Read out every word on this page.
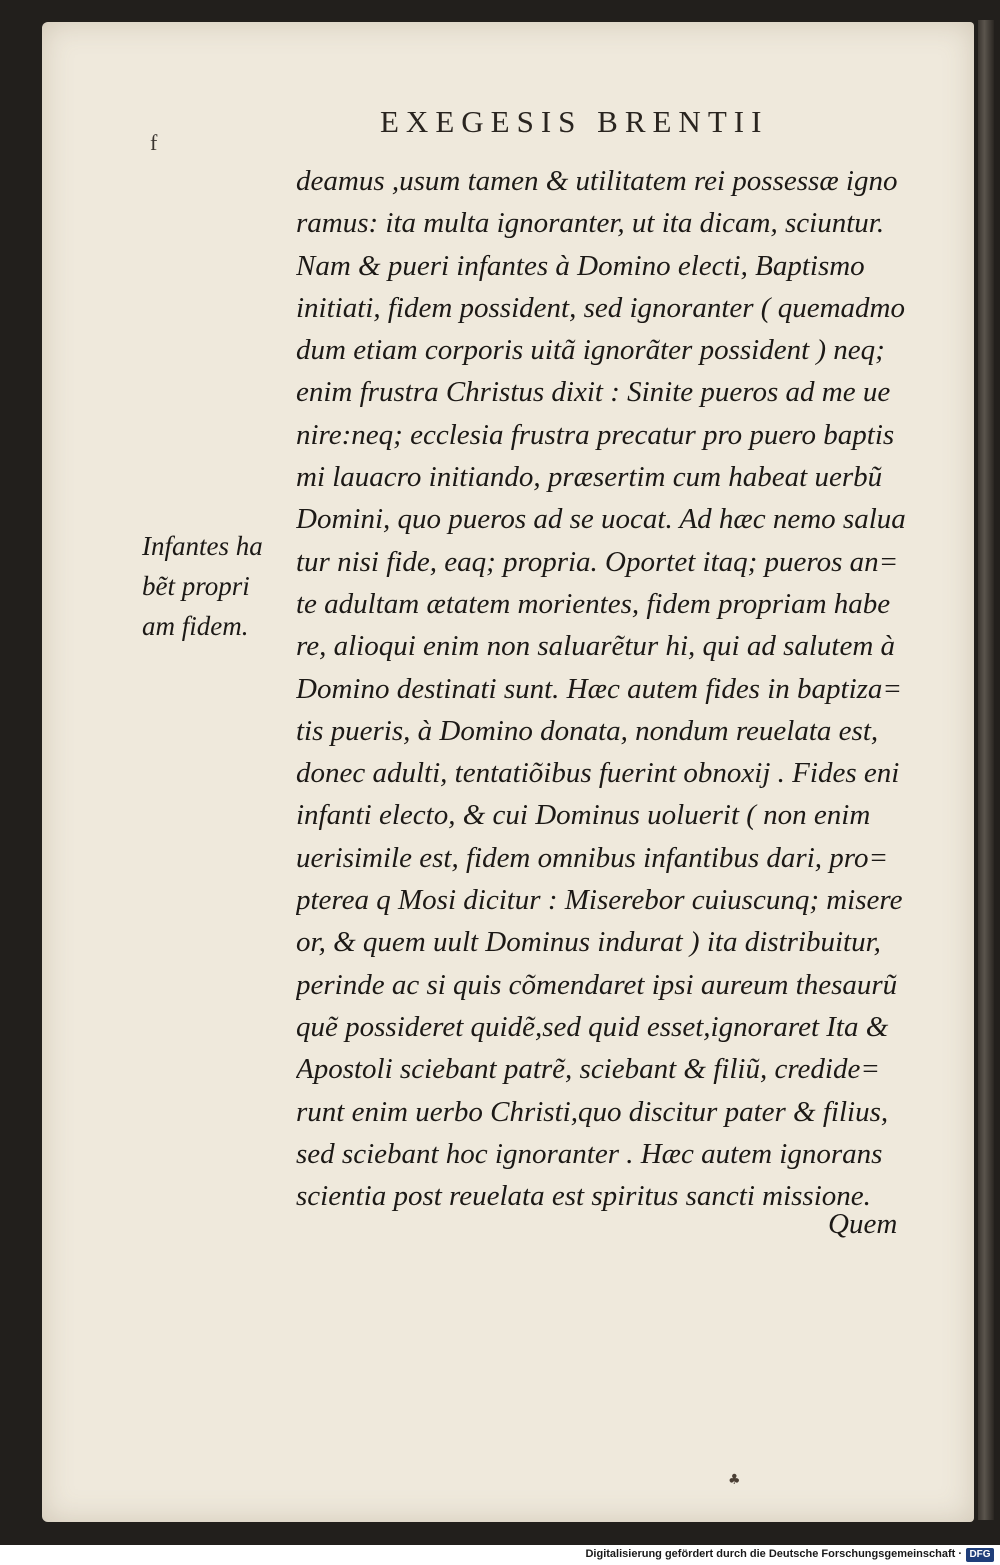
EXEGESIS BRENTII
f
deamus ,usum tamen & utilitatem rei possessæ igno
ramus: ita multa ignoranter, ut ita dicam, sciuntur.
Nam & pueri infantes à Domino electi, Baptismo
initiati, fidem possident, sed ignoranter ( quemadmo
dum etiam corporis uitã ignorãter possident ) neq;
enim frustra Christus dixit : Sinite pueros ad me ue
nire:neq; ecclesia frustra precatur pro puero baptis
mi lauacro initiando, præsertim cum habeat uerbũ
Domini, quo pueros ad se uocat. Ad hæc nemo salua
tur nisi fide, eaq; propria. Oportet itaq; pueros an=
te adultam ætatem morientes, fidem propriam habe
re, alioqui enim non saluarẽtur hi, qui ad salutem à
Domino destinati sunt. Hæc autem fides in baptiza=
tis pueris, à Domino donata, nondum reuelata est,
donec adulti, tentatiõibus fuerint obnoxij . Fides eni
infanti electo, & cui Dominus uoluerit ( non enim
uerisimile est, fidem omnibus infantibus dari, pro=
pterea q Mosi dicitur : Miserebor cuiuscunq; misere
or, & quem uult Dominus indurat ) ita distribuitur,
perinde ac si quis cõmendaret ipsi aureum thesaurũ
quẽ possideret quidẽ,sed quid esset,ignoraret Ita &
Apostoli sciebant patrẽ, sciebant & filiũ, credide=
runt enim uerbo Christi,quo discitur pater & filius,
sed sciebant hoc ignoranter . Hæc autem ignorans
scientia post reuelata est spiritus sancti missione.
Infantes ha
bẽt propri
am fidem.
Quem
♣
Digitalisierung gefördert durch die Deutsche Forschungsgemeinschaft · DFG
